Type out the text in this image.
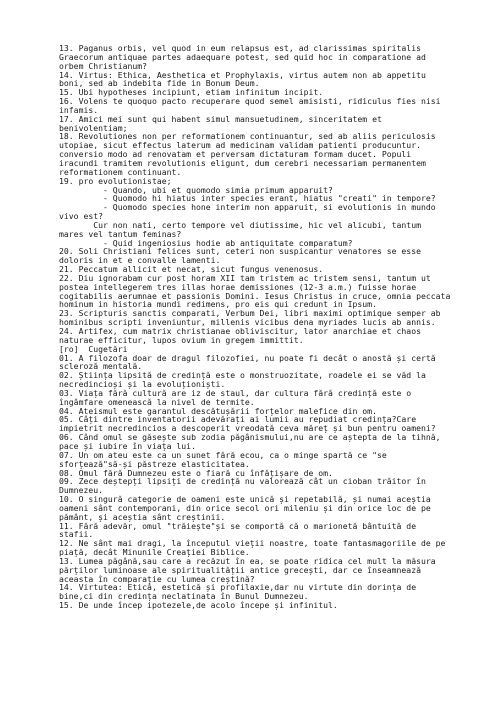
13. Paganus orbis, vel quod in eum relapsus est, ad clarissimas spiritalis
Graecorum antiquae partes adaequare potest, sed quid hoc in comparatione ad
orbem Christianum?
14. Virtus: Ethica, Aesthetica et Prophylaxis, virtus autem non ab appetitu
boni, sed ab indebita fide in Bonum Deum.
15. Ubi hypotheses incipiunt, etiam infinitum incipit.
16. Volens te quoquo pacto recuperare quod semel amisisti, ridiculus fies nisi
infamis.
17. Amici mei sunt qui habent simul mansuetudinem, sinceritatem et
benivolentiam;
18. Revolutiones non per reformationem continuantur, sed ab aliis periculosis
utopiae, sicut effectus laterum ad medicinam validam patienti producuntur.
conversio modo ad renovatam et perversam dictaturam formam ducet. Populi
iracundi tramitem revolutionis eligunt, dum cerebri necessariam permanentem
reformationem continuant.
19. pro evolutionistae;
- Quando, ubi et quomodo simia primum apparuit?
- Quomodo hi hiatus inter species erant, hiatus "creati" in tempore?
- Quomodo species hone interim non apparuit, si evolutionis in mundo
vivo est?
Cur non nati, certo tempore vel diutissime, hic vel alicubi, tantum
mares vel tantum feminas?
- Quid ingeniosius hodie ab antiquitate comparatum?
20. Soli Christiani felices sunt, ceteri non suspicantur venatores se esse
doloris in et e convalle lamenti.
21. Peccatum allicit et necat, sicut fungus venenosus.
22. Diu ignorabam cur post horam XII tam tristem ac tristem sensi, tantum ut
postea intellegerem tres illas horae demissiones (12-3 a.m.) fuisse horae
cogitabilis aerumnae et passionis Domini. Iesus Christus in cruce, omnia peccata
hominum in historia mundi redimens, pro eis qui credunt in Ipsum.
23. Scripturis sanctis comparati, Verbum Dei, libri maximi optimique semper ab
hominibus scripti inveniuntur, millenis vicibus dena myriades lucis ab annis.
24. Artifex, cum matrix christianae obliviscitur, lator anarchiae et chaos
naturae efficitur, lupos ovium in gregem immittit.
[ro]  Cugetări
01. A filozofa doar de dragul filozofiei, nu poate fi decât o anostă și certă
scleroză mentală.
02. Știința lipsită de credință este o monstruozitate, roadele ei se văd la
necredincioși și la evoluționiști.
03. Viața fără cultură are iz de staul, dar cultura fără credință este o
îngâmfare omenească la nivel de termite.
04. Ateismul este garantul descătușării forțelor malefice din om.
05. Câți dintre inventatorii adevărați ai lumii au repudiat credința?Care
impietrit necredincios a descoperit vreodată ceva măreț și bun pentru oameni?
06. Când omul se găsește sub zodia păgânismului,nu are ce aștepta de la tihnă,
pace și iubire în viața lui.
07. Un om ateu este ca un sunet fără ecou, ca o minge spartă ce "se
sforțează"să-și păstreze elasticitatea.
08. Omul fără Dumnezeu este o fiară cu înfățișare de om.
09. Zece deștepți lipsiți de credință nu valorează cât un cioban trăitor în
Dumnezeu.
10. O singură categorie de oameni este unică și repetabilă, și numai aceștia
oameni sânt contemporani, din orice secol ori mileniu și din orice loc de pe
pământ, și aceștia sânt creștinii.
11. Fără adevăr, omul "trăiește"și se comportă că o marionetă bântuită de
stafii.
12. Ne sânt mai dragi, la începutul vieții noastre, toate fantasmagoriile de pe
piață, decât Minunile Creației Biblice.
13. Lumea păgână,sau care a recăzut în ea, se poate ridica cel mult la măsura
părților luminoase ale spiritualității antice grecești, dar ce înseamnează
aceasta în comparație cu lumea creștină?
14. Virtutea: Etică, estetică și profilaxie,dar nu virtute din dorința de
bine,ci din credința neclatinata în Bunul Dumnezeu.
15. De unde încep ipotezele,de acolo începe și infinitul.
